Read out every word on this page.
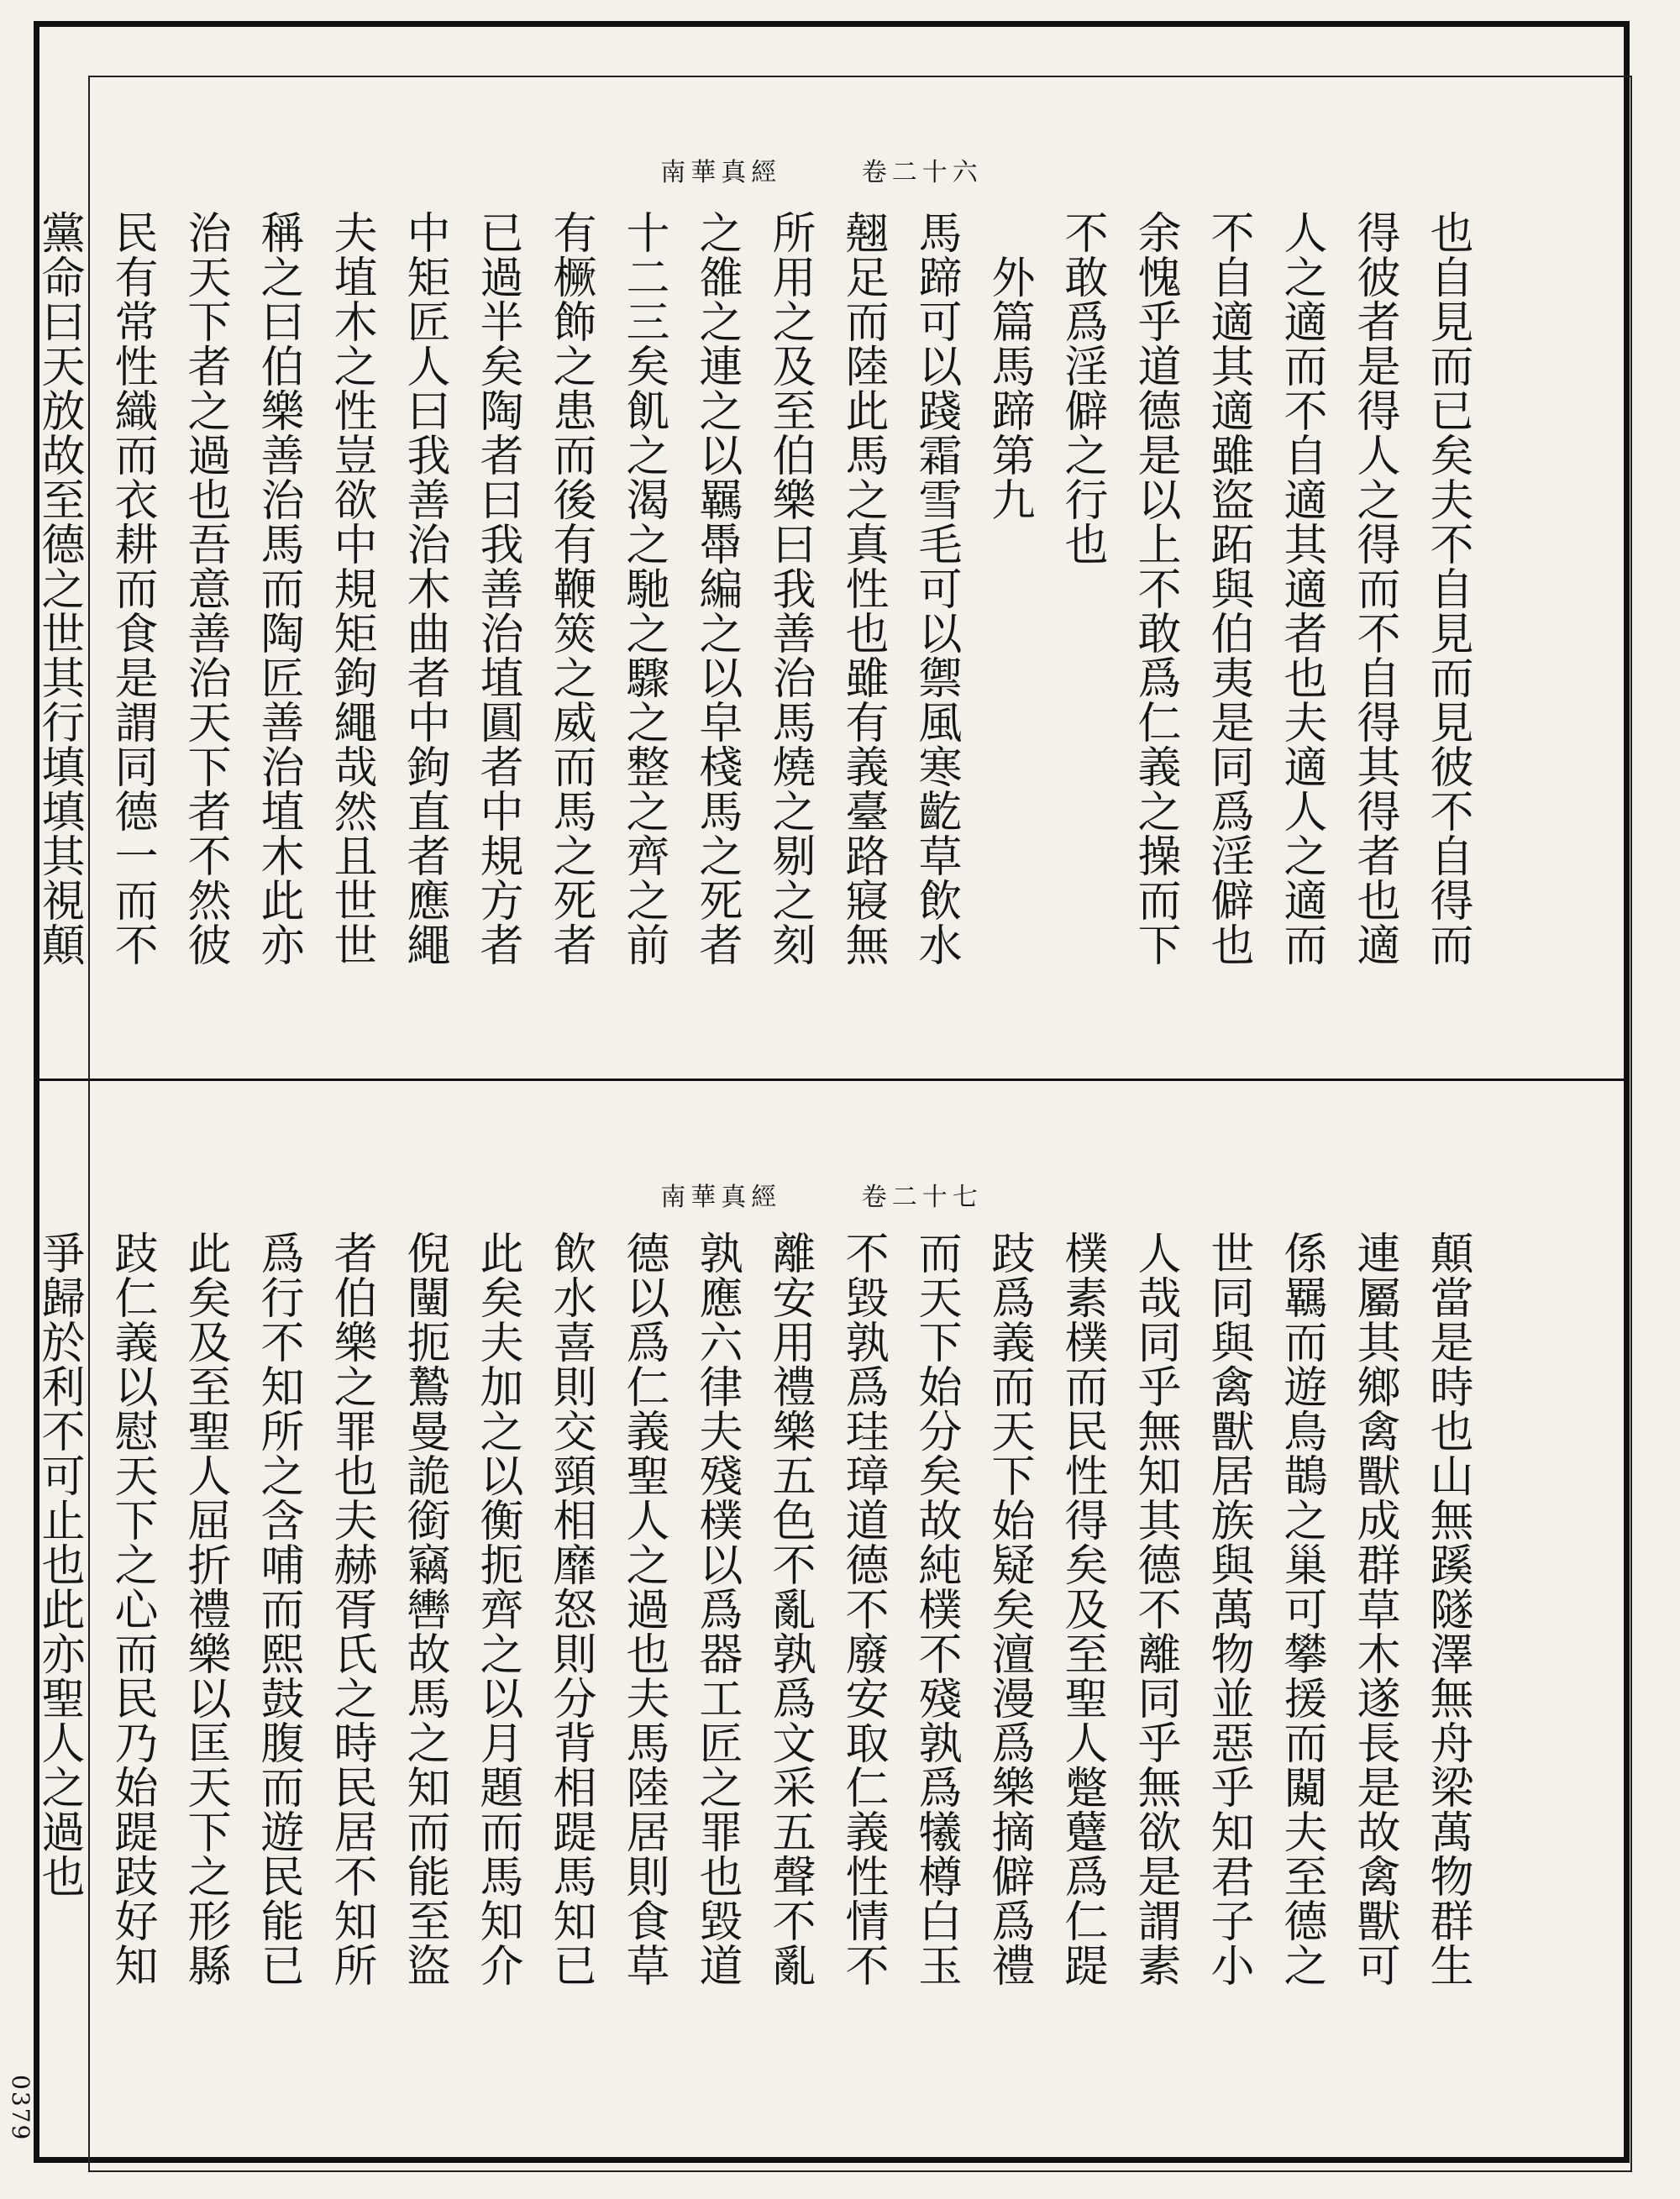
南華真經	卷二十六
也自見而已矣夫不自見而見彼不自得而
得彼者是得人之得而不自得其得者也適
人之適而不自適其適者也夫適人之適而
不自適其適雖盜跖與伯夷是同爲淫僻也
余愧乎道德是以上不敢爲仁義之操而下
不敢爲淫僻之行也
　外篇馬蹄第九
馬蹄可以踐霜雪毛可以禦風寒齕草飲水
翹足而陸此馬之真性也雖有義臺路寢無
所用之及至伯樂曰我善治馬燒之剔之刻
之雒之連之以羈馽編之以皁棧馬之死者
十二三矣飢之渴之馳之驟之整之齊之前
有橛飾之患而後有鞭筴之威而馬之死者
已過半矣陶者曰我善治埴圓者中規方者
中矩匠人曰我善治木曲者中鉤直者應繩
夫埴木之性豈欲中規矩鉤繩哉然且世世
稱之曰伯樂善治馬而陶匠善治埴木此亦
治天下者之過也吾意善治天下者不然彼
民有常性織而衣耕而食是謂同德一而不
黨命曰天放故至德之世其行填填其視顛
南華真經	卷二十七
顛當是時也山無蹊隧澤無舟梁萬物群生
連屬其鄉禽獸成群草木遂長是故禽獸可
係羈而遊鳥鵲之巢可攀援而闚夫至德之
世同與禽獸居族與萬物並惡乎知君子小
人哉同乎無知其德不離同乎無欲是謂素
樸素樸而民性得矣及至聖人蹩躠爲仁踶
跂爲義而天下始疑矣澶漫爲樂摘僻爲禮
而天下始分矣故純樸不殘孰爲犧樽白玉
不毀孰爲珪璋道德不廢安取仁義性情不
離安用禮樂五色不亂孰爲文采五聲不亂
孰應六律夫殘樸以爲器工匠之罪也毀道
德以爲仁義聖人之過也夫馬陸居則食草
飲水喜則交頸相靡怒則分背相踶馬知已
此矣夫加之以衡扼齊之以月題而馬知介
倪闉扼鷙曼詭銜竊轡故馬之知而能至盜
者伯樂之罪也夫赫胥氏之時民居不知所
爲行不知所之含哺而熙鼓腹而遊民能已
此矣及至聖人屈折禮樂以匡天下之形縣
跂仁義以慰天下之心而民乃始踶跂好知
爭歸於利不可止也此亦聖人之過也
0379
